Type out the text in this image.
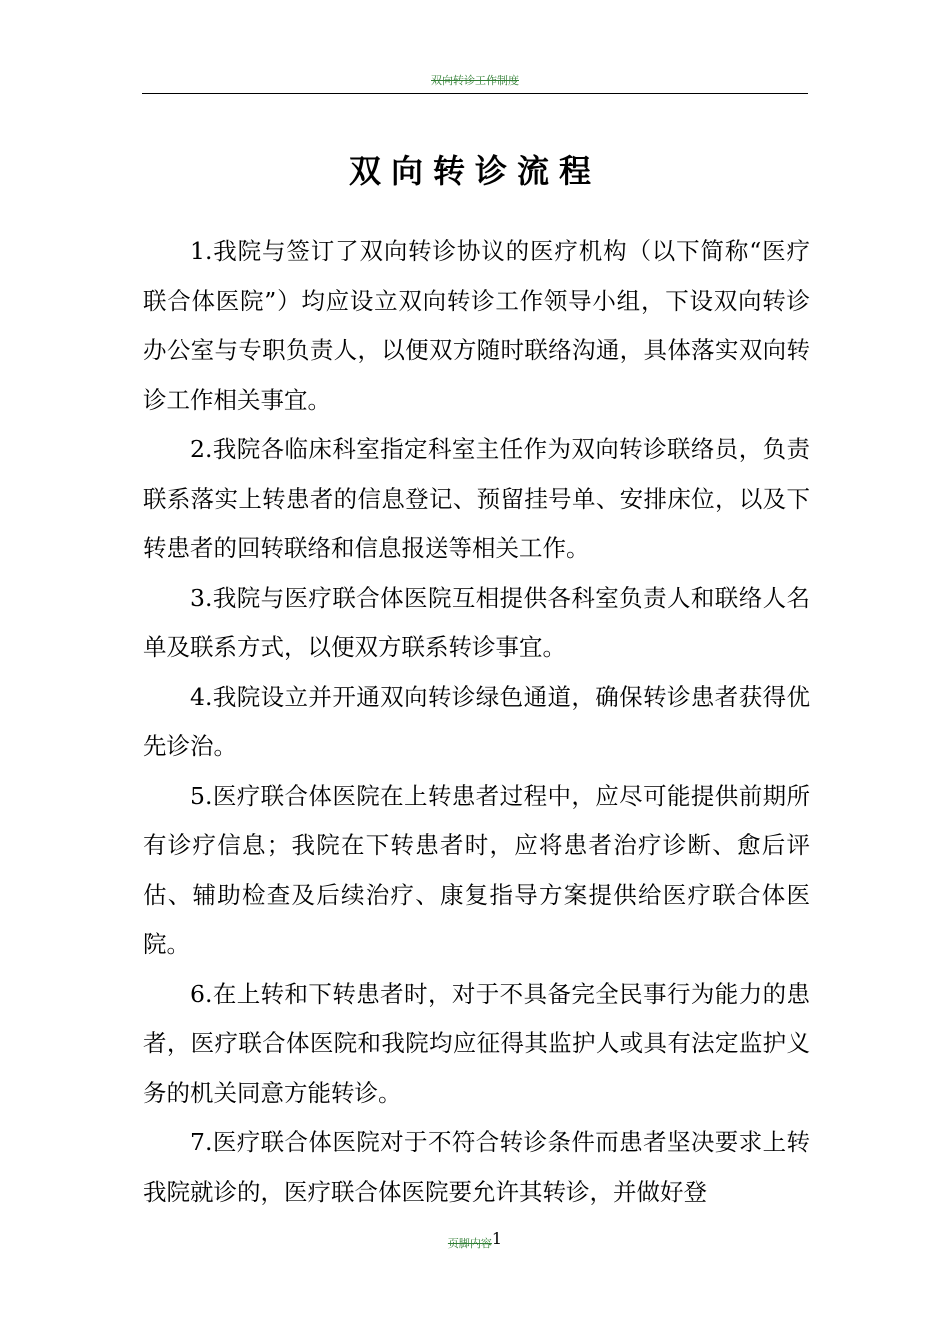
双向转诊工作制度
双向转诊流程

1.我院与签订了双向转诊协议的医疗机构（以下简称“医疗联合体医院”）均应设立双向转诊工作领导小组，下设双向转诊办公室与专职负责人，以便双方随时联络沟通，具体落实双向转诊工作相关事宜。

2.我院各临床科室指定科室主任作为双向转诊联络员，负责联系落实上转患者的信息登记、预留挂号单、安排床位，以及下转患者的回转联络和信息报送等相关工作。

3.我院与医疗联合体医院互相提供各科室负责人和联络人名单及联系方式，以便双方联系转诊事宜。

4.我院设立并开通双向转诊绿色通道，确保转诊患者获得优先诊治。

5.医疗联合体医院在上转患者过程中，应尽可能提供前期所有诊疗信息；我院在下转患者时，应将患者治疗诊断、愈后评估、辅助检查及后续治疗、康复指导方案提供给医疗联合体医院。

6.在上转和下转患者时，对于不具备完全民事行为能力的患者，医疗联合体医院和我院均应征得其监护人或具有法定监护义务的机关同意方能转诊。

7.医疗联合体医院对于不符合转诊条件而患者坚决要求上转我院就诊的，医疗联合体医院要允许其转诊，并做好登

页脚内容1
